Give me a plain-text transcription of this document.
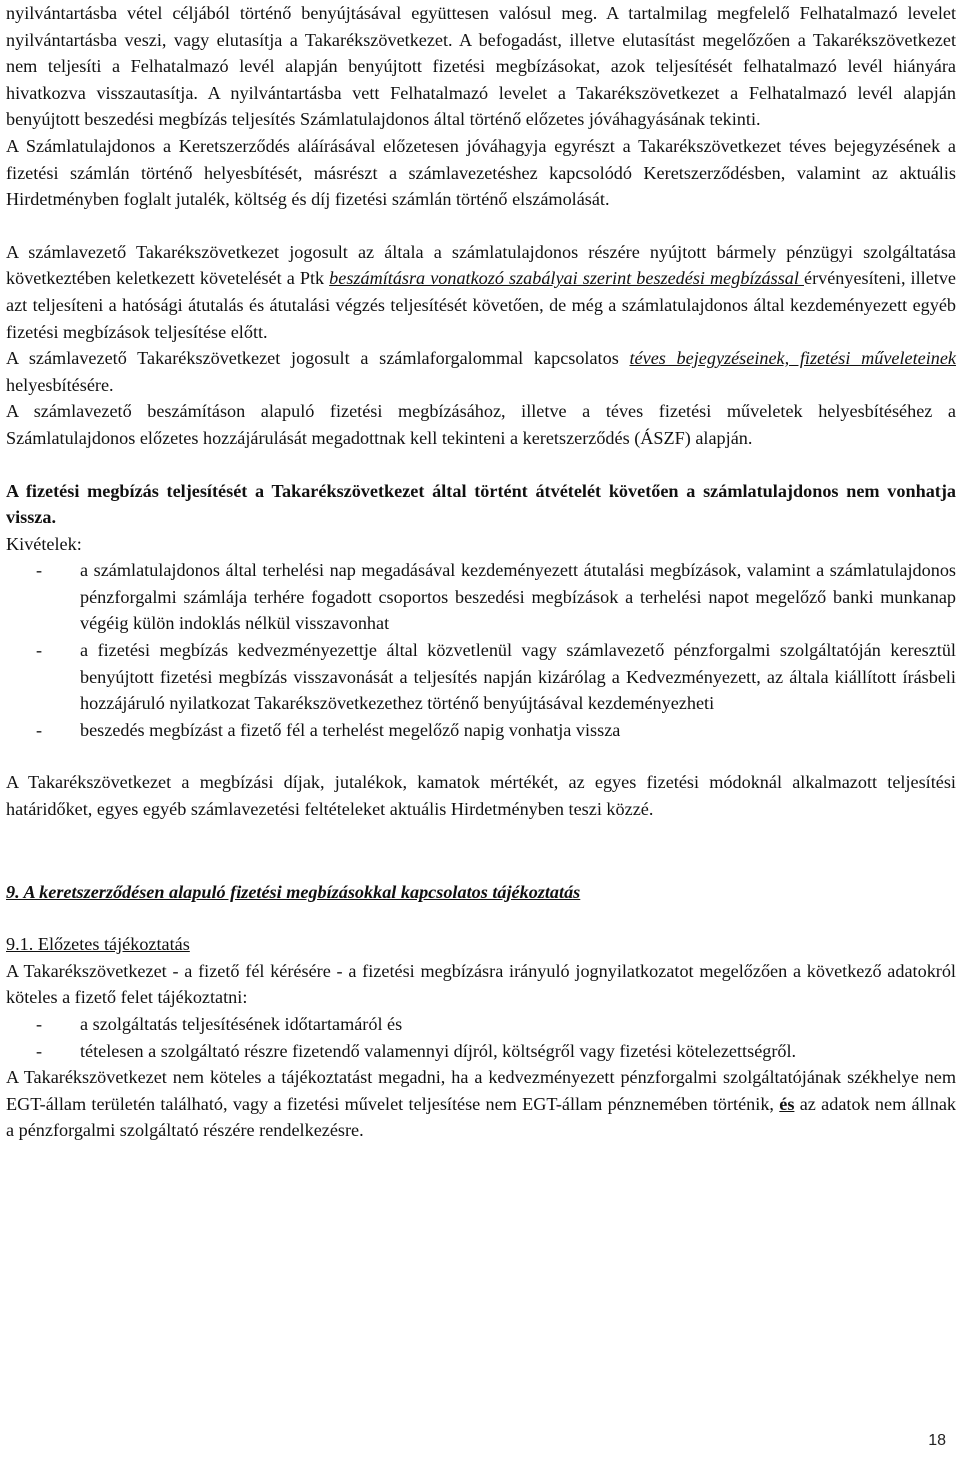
nyilvántartásba vétel céljából történő benyújtásával együttesen valósul meg. A tartalmilag megfelelő Felhatalmazó levelet nyilvántartásba veszi, vagy elutasítja a Takarékszövetkezet. A befogadást, illetve elutasítást megelőzően a Takarékszövetkezet nem teljesíti a Felhatalmazó levél alapján benyújtott fizetési megbízásokat, azok teljesítését felhatalmazó levél hiányára hivatkozva visszautasítja. A nyilvántartásba vett Felhatalmazó levelet a Takarékszövetkezet a Felhatalmazó levél alapján benyújtott beszedési megbízás teljesítés Számlatulajdonos által történő előzetes jóváhagyásának tekinti.

A Számlatulajdonos a Keretszerződés aláírásával előzetesen jóváhagyja egyrészt a Takarékszövetkezet téves bejegyzésének a fizetési számlán történő helyesbítését, másrészt a számlavezetéshez kapcsolódó Keretszerződésben, valamint az aktuális Hirdetményben foglalt jutalék, költség és díj fizetési számlán történő elszámolását.

A számlavezető Takarékszövetkezet jogosult az általa a számlatulajdonos részére nyújtott bármely pénzügyi szolgáltatása következtében keletkezett követelését a Ptk beszámításra vonatkozó szabályai szerint beszedési megbízással érvényesíteni, illetve azt teljesíteni a hatósági átutalás és átutalási végzés teljesítését követően, de még a számlatulajdonos által kezdeményezett egyéb fizetési megbízások teljesítése előtt.

A számlavezető Takarékszövetkezet jogosult a számlaforgalommal kapcsolatos téves bejegyzéseinek, fizetési műveleteinek helyesbítésére.

A számlavezető beszámításon alapuló fizetési megbízásához, illetve a téves fizetési műveletek helyesbítéséhez a Számlatulajdonos előzetes hozzájárulását megadottnak kell tekinteni a keretszerződés (ÁSZF) alapján.

A fizetési megbízás teljesítését a Takarékszövetkezet által történt átvételét követően a számlatulajdonos nem vonhatja vissza.

Kivételek:

- a számlatulajdonos által terhelési nap megadásával kezdeményezett átutalási megbízások, valamint a számlatulajdonos pénzforgalmi számlája terhére fogadott csoportos beszedési megbízások a terhelési napot megelőző banki munkanap végéig külön indoklás nélkül visszavonhat
- a fizetési megbízás kedvezményezettje által közvetlenül vagy számlavezető pénzforgalmi szolgáltatóján keresztül benyújtott fizetési megbízás visszavonását a teljesítés napján kizárólag a Kedvezményezett, az általa kiállított írásbeli hozzájáruló nyilatkozat Takarékszövetkezethez történő benyújtásával kezdeményezheti
- beszedés megbízást a fizető fél a terhelést megelőző napig vonhatja vissza

A Takarékszövetkezet a megbízási díjak, jutalékok, kamatok mértékét, az egyes fizetési módoknál alkalmazott teljesítési határidőket, egyes egyéb számlavezetési feltételeket aktuális Hirdetményben teszi közzé.

9. A keretszerződésen alapuló fizetési megbízásokkal kapcsolatos tájékoztatás

9.1. Előzetes tájékoztatás

A Takarékszövetkezet - a fizető fél kérésére - a fizetési megbízásra irányuló jognyilatkozatot megelőzően a következő adatokról köteles a fizető felet tájékoztatni:

- a szolgáltatás teljesítésének időtartamáról és
- tételesen a szolgáltató részre fizetendő valamennyi díjról, költségről vagy fizetési kötelezettségről.

A Takarékszövetkezet nem köteles a tájékoztatást megadni, ha a kedvezményezett pénzforgalmi szolgáltatójának székhelye nem EGT-állam területén található, vagy a fizetési művelet teljesítése nem EGT-állam pénznemében történik, és az adatok nem állnak a pénzforgalmi szolgáltató részére rendelkezésre.

18
